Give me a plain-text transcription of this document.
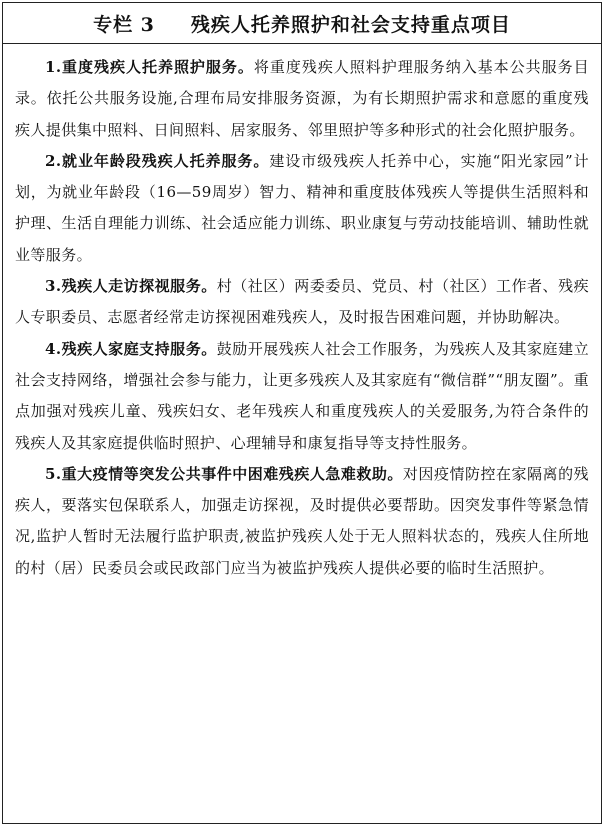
专栏 3 残疾人托养照护和社会支持重点项目

1.重度残疾人托养照护服务。将重度残疾人照料护理服务纳入基本公共服务目录。依托公共服务设施,合理布局安排服务资源，为有长期照护需求和意愿的重度残疾人提供集中照料、日间照料、居家服务、邻里照护等多种形式的社会化照护服务。

2.就业年龄段残疾人托养服务。建设市级残疾人托养中心，实施“阳光家园”计划，为就业年龄段（16—59周岁）智力、精神和重度肢体残疾人等提供生活照料和护理、生活自理能力训练、社会适应能力训练、职业康复与劳动技能培训、辅助性就业等服务。

3.残疾人走访探视服务。村（社区）两委委员、党员、村（社区）工作者、残疾人专职委员、志愿者经常走访探视困难残疾人，及时报告困难问题，并协助解决。

4.残疾人家庭支持服务。鼓励开展残疾人社会工作服务，为残疾人及其家庭建立社会支持网络，增强社会参与能力，让更多残疾人及其家庭有“微信群”“朋友圈”。重点加强对残疾儿童、残疾妇女、老年残疾人和重度残疾人的关爱服务,为符合条件的残疾人及其家庭提供临时照护、心理辅导和康复指导等支持性服务。

5.重大疫情等突发公共事件中困难残疾人急难救助。对因疫情防控在家隔离的残疾人，要落实包保联系人，加强走访探视，及时提供必要帮助。因突发事件等紧急情况,监护人暂时无法履行监护职责,被监护残疾人处于无人照料状态的，残疾人住所地的村（居）民委员会或民政部门应当为被监护残疾人提供必要的临时生活照护。
